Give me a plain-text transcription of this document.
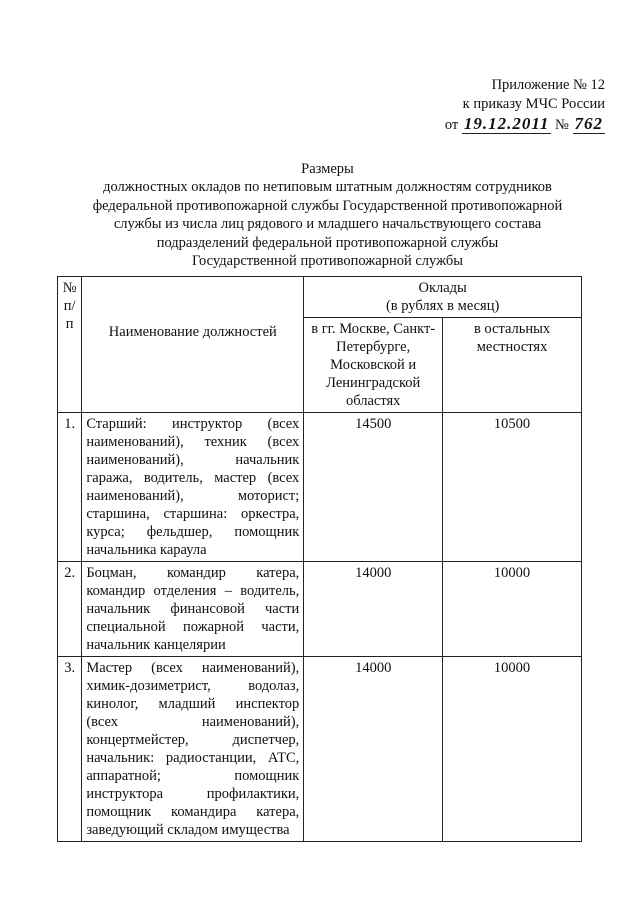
Приложение № 12
к приказу МЧС России
от 19.12.2011 № 762
Размеры
должностных окладов по нетиповым штатным должностям сотрудников
федеральной противопожарной службы Государственной противопожарной
службы из числа лиц рядового и младшего начальствующего состава
подразделений федеральной противопожарной службы
Государственной противопожарной службы
№ п/ п	Наименование должностей	Оклады
(в рублях в месяц)	

		в гг. Москве, Санкт-Петербурге, Московской и Ленинградской областях	в остальных местностях
1.	Старший: инструктор (всех наименований), техник (всех наименований), начальник гаража, водитель, мастер (всех наименований), моторист; старшина, старшина: оркестра, курса; фельдшер, помощник начальника караула	14500	10500
2.	Боцман, командир катера, командир отделения – водитель, начальник финансовой части специальной пожарной части, начальник канцелярии	14000	10000
3.	Мастер (всех наименований), химик-дозиметрист, водолаз, кинолог, младший инспектор (всех наименований), концертмейстер, диспетчер, начальник: радиостанции, АТС, аппаратной; помощник инструктора профилактики, помощник командира катера, заведующий складом имущества	14000	10000
